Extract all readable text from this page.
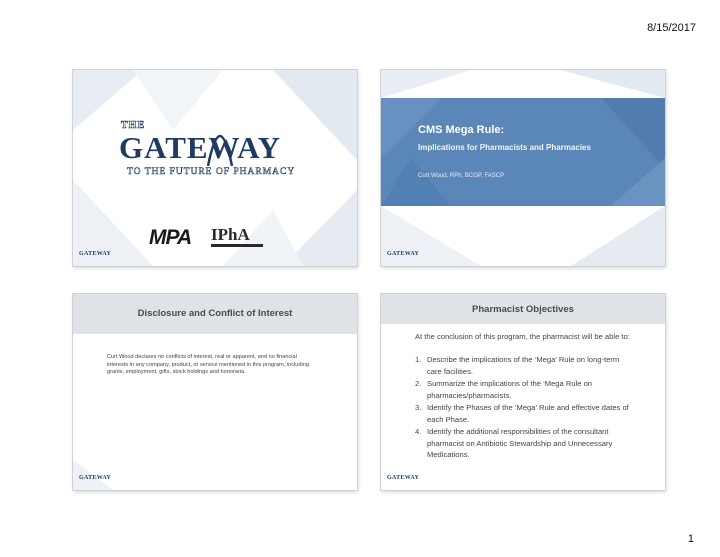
8/15/2017
THE
GATEWAY
TO THE FUTURE OF PHARMACY
MPA IPhA
GATEWAY
CMS Mega Rule:
Implications for Pharmacists and Pharmacies
Curt Wood, RPh, BCGP, FASCP
GATEWAY
Disclosure and Conflict of Interest
Curt Wood declares no conflicts of interest, real or apparent, and no financial interests in any company, product, or service mentioned in this program, including grants, employment, gifts, stock holdings and honoraria.
GATEWAY
Pharmacist Objectives
At the conclusion of this program, the pharmacist will be able to:
1. Describe the implications of the ‘Mega’ Rule on long-term care facilities.
2. Summarize the implications of the ‘Mega Rule on pharmacies/pharmacists.
3. Identify the Phases of the ‘Mega’ Rule and effective dates of each Phase.
4. Identify the additional responsibilities of the consultant pharmacist on Antibiotic Stewardship and Unnecessary Medications.
GATEWAY
1
